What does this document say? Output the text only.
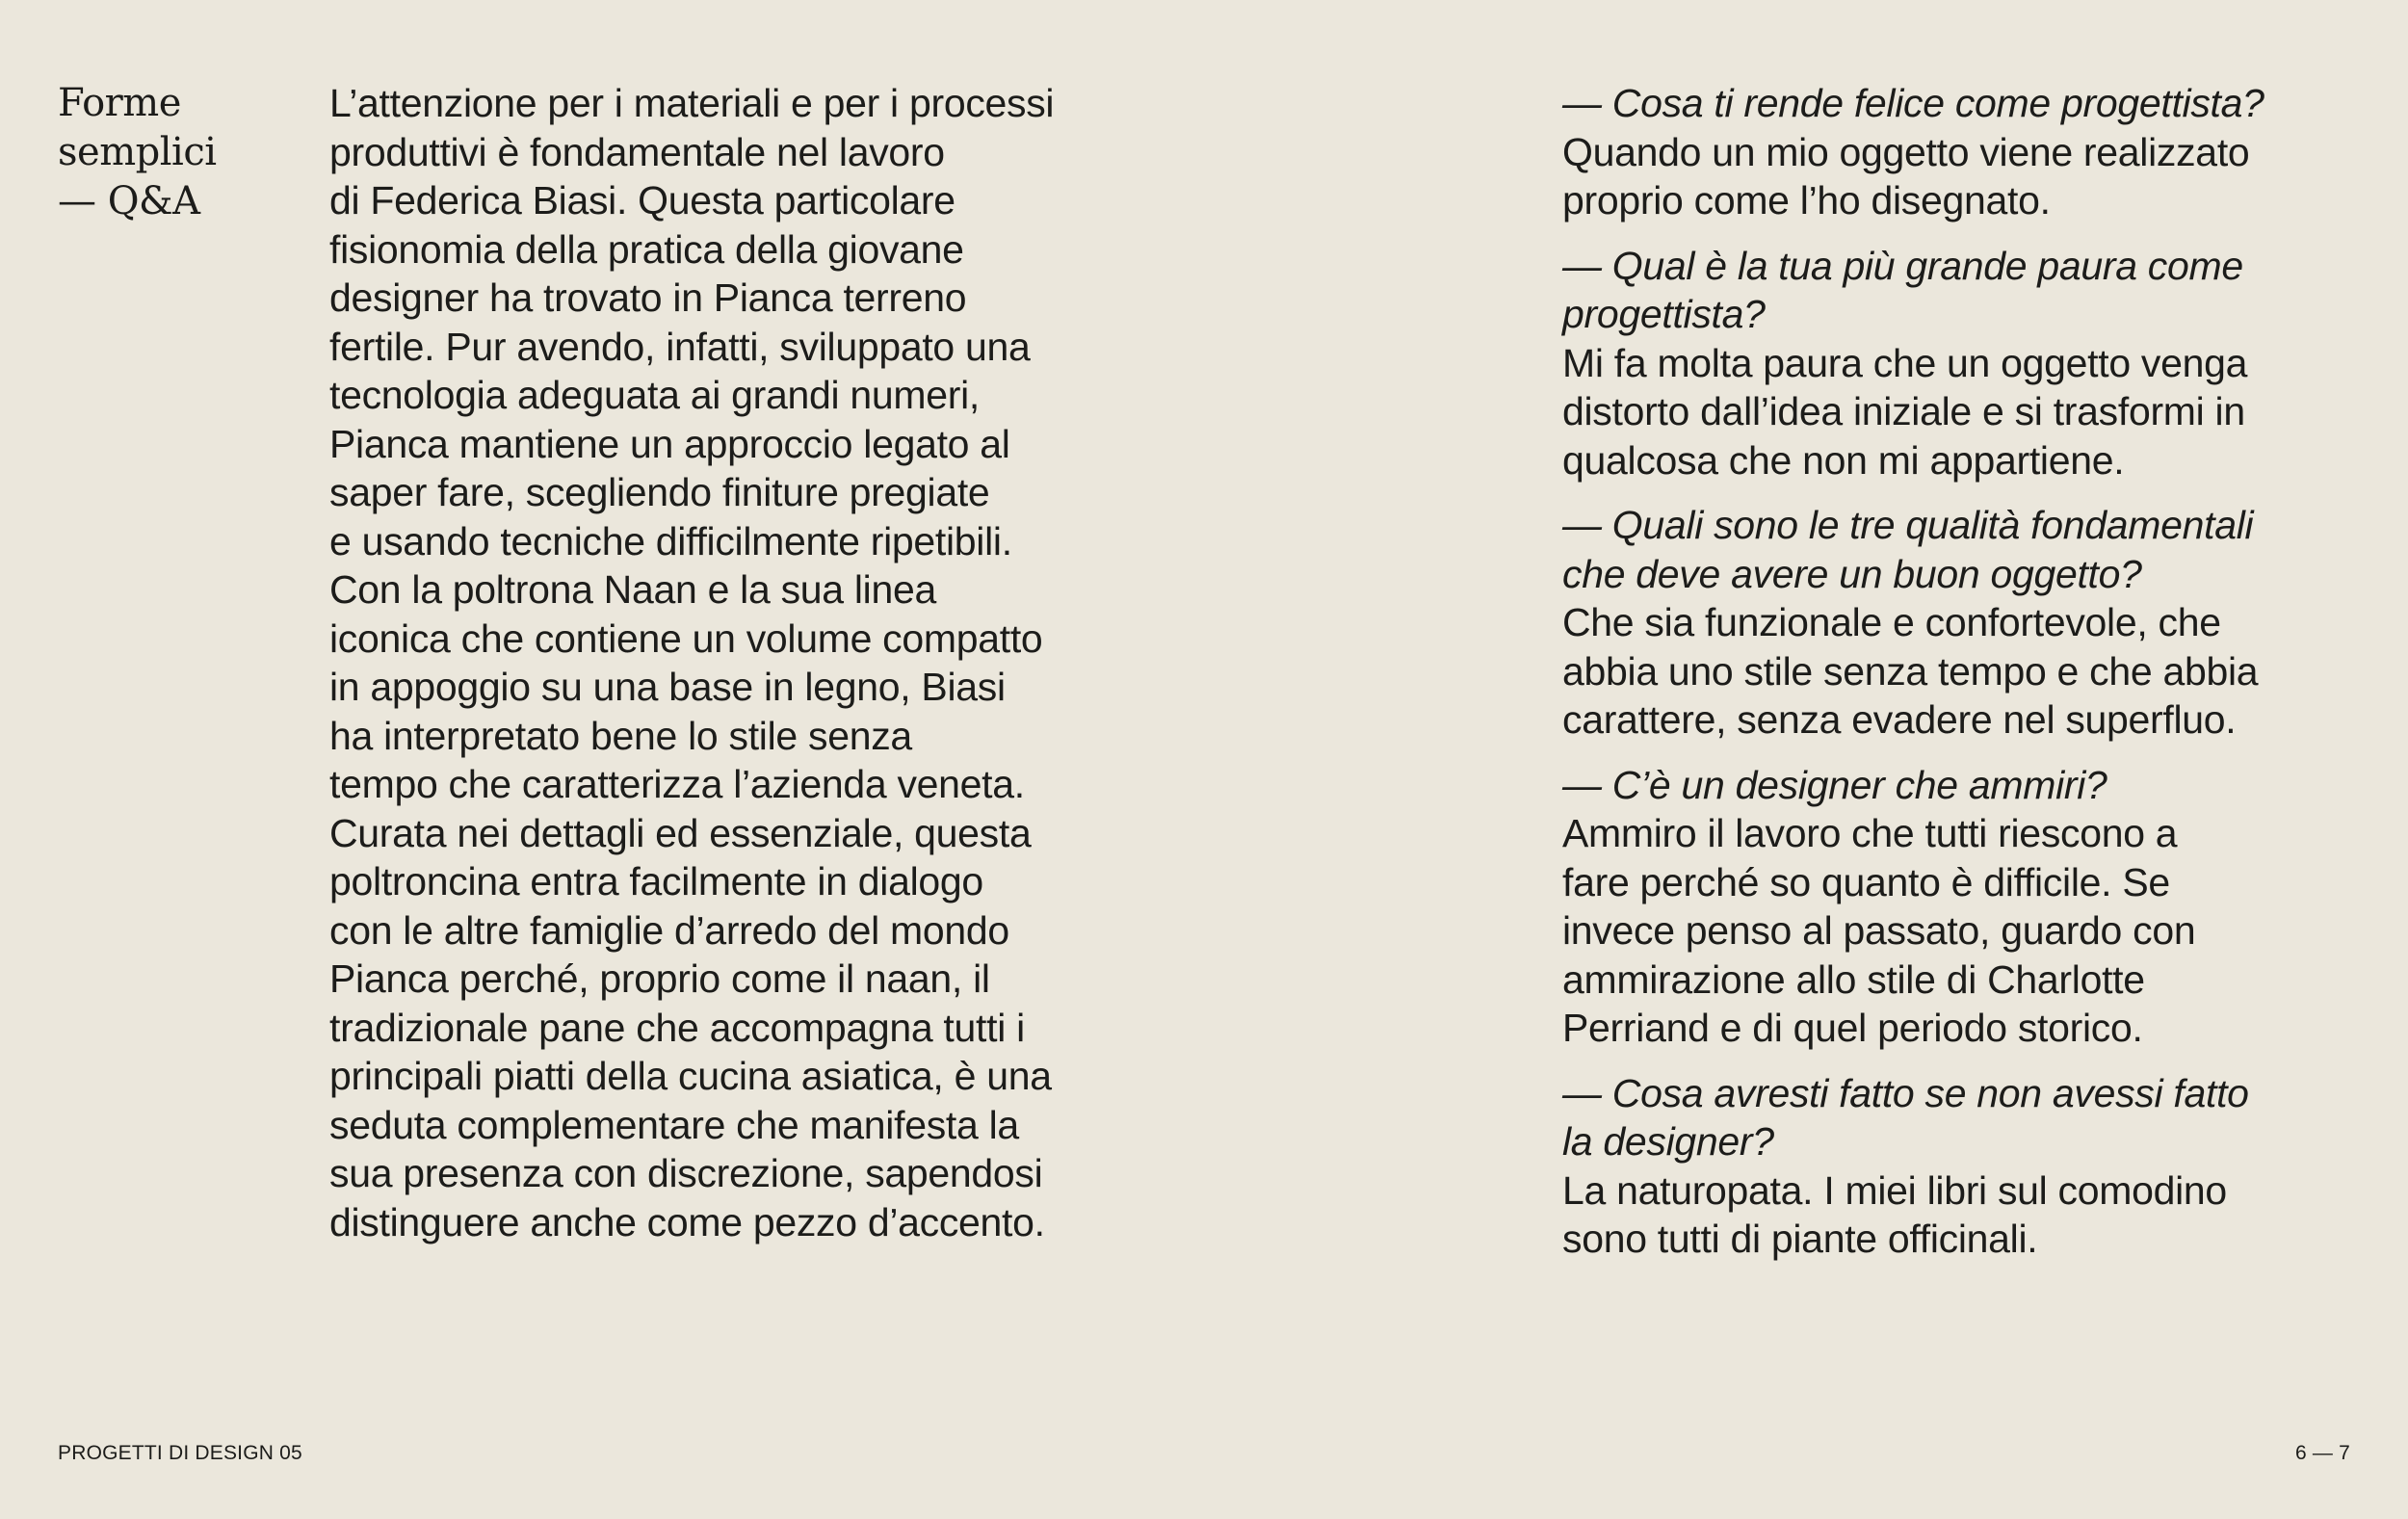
Forme
semplici
— Q&A
L’attenzione per i materiali e per i processi
produttivi è fondamentale nel lavoro
di Federica Biasi. Questa particolare
fisionomia della pratica della giovane
designer ha trovato in Pianca terreno
fertile. Pur avendo, infatti, sviluppato una
tecnologia adeguata ai grandi numeri,
Pianca mantiene un approccio legato al
saper fare, scegliendo finiture pregiate
e usando tecniche difficilmente ripetibili.
Con la poltrona Naan e la sua linea
iconica che contiene un volume compatto
in appoggio su una base in legno, Biasi
ha interpretato bene lo stile senza
tempo che caratterizza l’azienda veneta.
Curata nei dettagli ed essenziale, questa
poltroncina entra facilmente in dialogo
con le altre famiglie d’arredo del mondo
Pianca perché, proprio come il naan, il
tradizionale pane che accompagna tutti i
principali piatti della cucina asiatica, è una
seduta complementare che manifesta la
sua presenza con discrezione, sapendosi
distinguere anche come pezzo d’accento.
— Cosa ti rende felice come progettista?
Quando un mio oggetto viene realizzato
proprio come l’ho disegnato.
— Qual è la tua più grande paura come
progettista?
Mi fa molta paura che un oggetto venga
distorto dall’idea iniziale e si trasformi in
qualcosa che non mi appartiene.
— Quali sono le tre qualità fondamentali
che deve avere un buon oggetto?
Che sia funzionale e confortevole, che
abbia uno stile senza tempo e che abbia
carattere, senza evadere nel superfluo.
— C’è un designer che ammiri?
Ammiro il lavoro che tutti riescono a
fare perché so quanto è difficile. Se
invece penso al passato, guardo con
ammirazione allo stile di Charlotte
Perriand e di quel periodo storico.
— Cosa avresti fatto se non avessi fatto
la designer?
La naturopata. I miei libri sul comodino
sono tutti di piante officinali.
PROGETTI DI DESIGN 05	6 — 7
